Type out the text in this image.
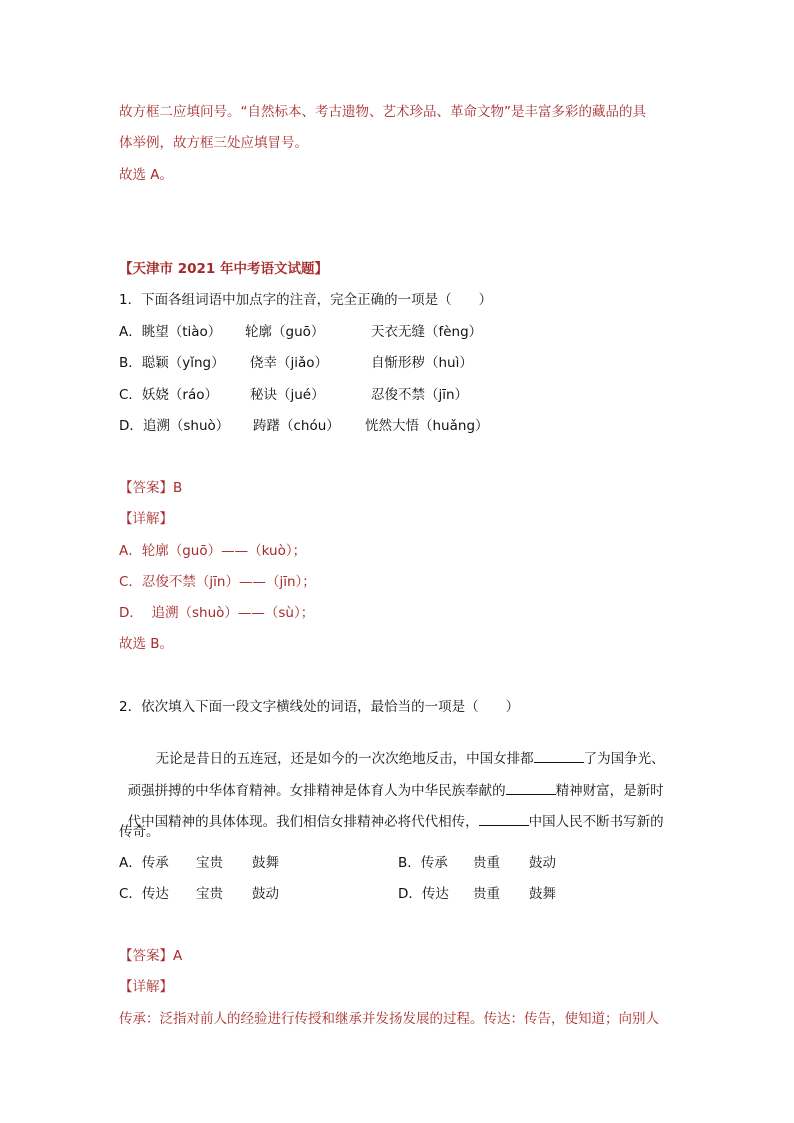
故方框二应填问号。“自然标本、考古遗物、艺术珍品、革命文物”是丰富多彩的藏品的具
体举例，故方框三处应填冒号。
故选 A。
【天津市 2021 年中考语文试题】
1．下面各组词语中加点字的注音，完全正确的一项是（　　）
A．眺望（tiào） 轮廓（guō）	天衣无缝（fèng）
B．聪颖（yǐng） 侥幸（jiǎo）	自惭形秽（huì）
C．妖娆（ráo） 秘诀（jué）	忍俊不禁（jīn）
D．追溯（shuò） 踌躇（chóu） 恍然大悟（huǎng）
【答案】B
【详解】
A．轮廓（guō）——（kuò）；
C．忍俊不禁（jīn）——（jīn）；
D．  追溯（shuò）——（sù）；
故选 B。
2．依次填入下面一段文字横线处的词语，最恰当的一项是（　　）

无论是昔日的五连冠，还是如今的一次次绝地反击，中国女排都	了为国争光、

顽强拼搏的中华体育精神。女排精神是体育人为中华民族奉献的	精神财富，是新时

代中国精神的具体体现。我们相信女排精神必将代代相传，	中国人民不断书写新的

传奇。
A．传承 宝贵 鼓舞	B．传承 贵重 鼓动
C．传达 宝贵 鼓动	D．传达 贵重 鼓舞
【答案】A
【详解】
传承：泛指对前人的经验进行传授和继承并发扬发展的过程。传达：传告，使知道；向别人
